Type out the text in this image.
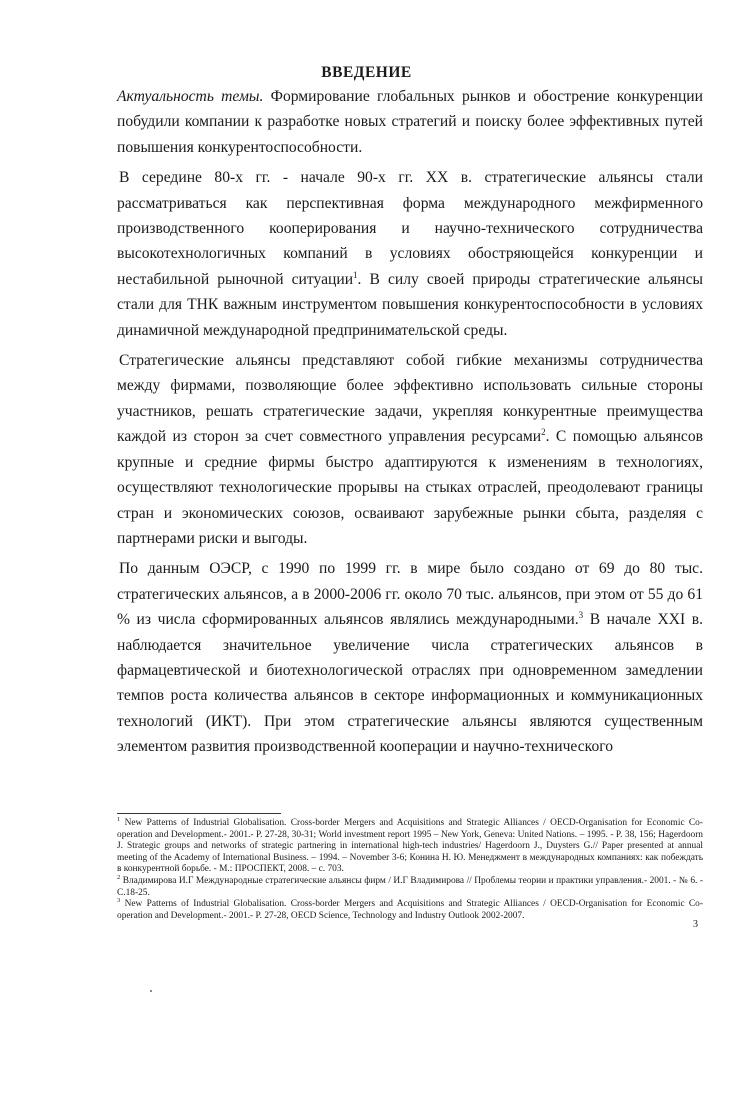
ВВЕДЕНИЕ

Актуальность темы. Формирование глобальных рынков и обострение конкуренции побудили компании к разработке новых стратегий и поиску более эффективных путей повышения конкурентоспособности.

В середине 80-х гг. - начале 90-х гг. XX в. стратегические альянсы стали рассматриваться как перспективная форма международного межфирменного производственного кооперирования и научно-технического сотрудничества высокотехнологичных компаний в условиях обостряющейся конкуренции и нестабильной рыночной ситуации$^1$. В силу своей природы стратегические альянсы стали для ТНК важным инструментом повышения конкурентоспособности в условиях динамичной международной предпринимательской среды.

Стратегические альянсы представляют собой гибкие механизмы сотрудничества между фирмами, позволяющие более эффективно использовать сильные стороны участников, решать стратегические задачи, укрепляя конкурентные преимущества каждой из сторон за счет совместного управления ресурсами$^2$. С помощью альянсов крупные и средние фирмы быстро адаптируются к изменениям в технологиях, осуществляют технологические прорывы на стыках отраслей, преодолевают границы стран и экономических союзов, осваивают зарубежные рынки сбыта, разделяя с партнерами риски и выгоды.

По данным ОЭСР, с 1990 по 1999 гг. в мире было создано от 69 до 80 тыс. стратегических альянсов, а в 2000-2006 гг. около 70 тыс. альянсов, при этом от 55 до 61 % из числа сформированных альянсов являлись международными.$^3$ В начале XXI в. наблюдается значительное увеличение числа стратегических альянсов в фармацевтической и биотехнологической отраслях при одновременном замедлении темпов роста количества альянсов в секторе информационных и коммуникационных технологий (ИКТ). При этом стратегические альянсы являются существенным элементом развития производственной кооперации и научно-технического

$^1$ New Patterns of Industrial Globalisation. Cross-border Mergers and Acquisitions and Strategic Alliances / OECD-Organisation for Economic Co-operation and Development.- 2001.- P. 27-28, 30-31; World investment report 1995 – New York, Geneva: United Nations. – 1995. - P. 38, 156; Hagerdoorn J. Strategic groups and networks of strategic partnering in international high-tech industries/ Hagerdoorn J., Duysters G.// Paper presented at annual meeting of the Academy of International Business. – 1994. – November 3-6; Конина Н. Ю. Менеджмент в международных компаниях: как побеждать в конкурентной борьбе. - М.: ПРОСПЕКТ, 2008. – с. 703.

$^2$ Владимирова И.Г Международные стратегические альянсы фирм / И.Г Владимирова // Проблемы теории и практики управления.- 2001. - № 6. - С.18-25.

$^3$ New Patterns of Industrial Globalisation. Cross-border Mergers and Acquisitions and Strategic Alliances / OECD-Organisation for Economic Co-operation and Development.- 2001.- P. 27-28, OECD Science, Technology and Industry Outlook 2002-2007.

3
